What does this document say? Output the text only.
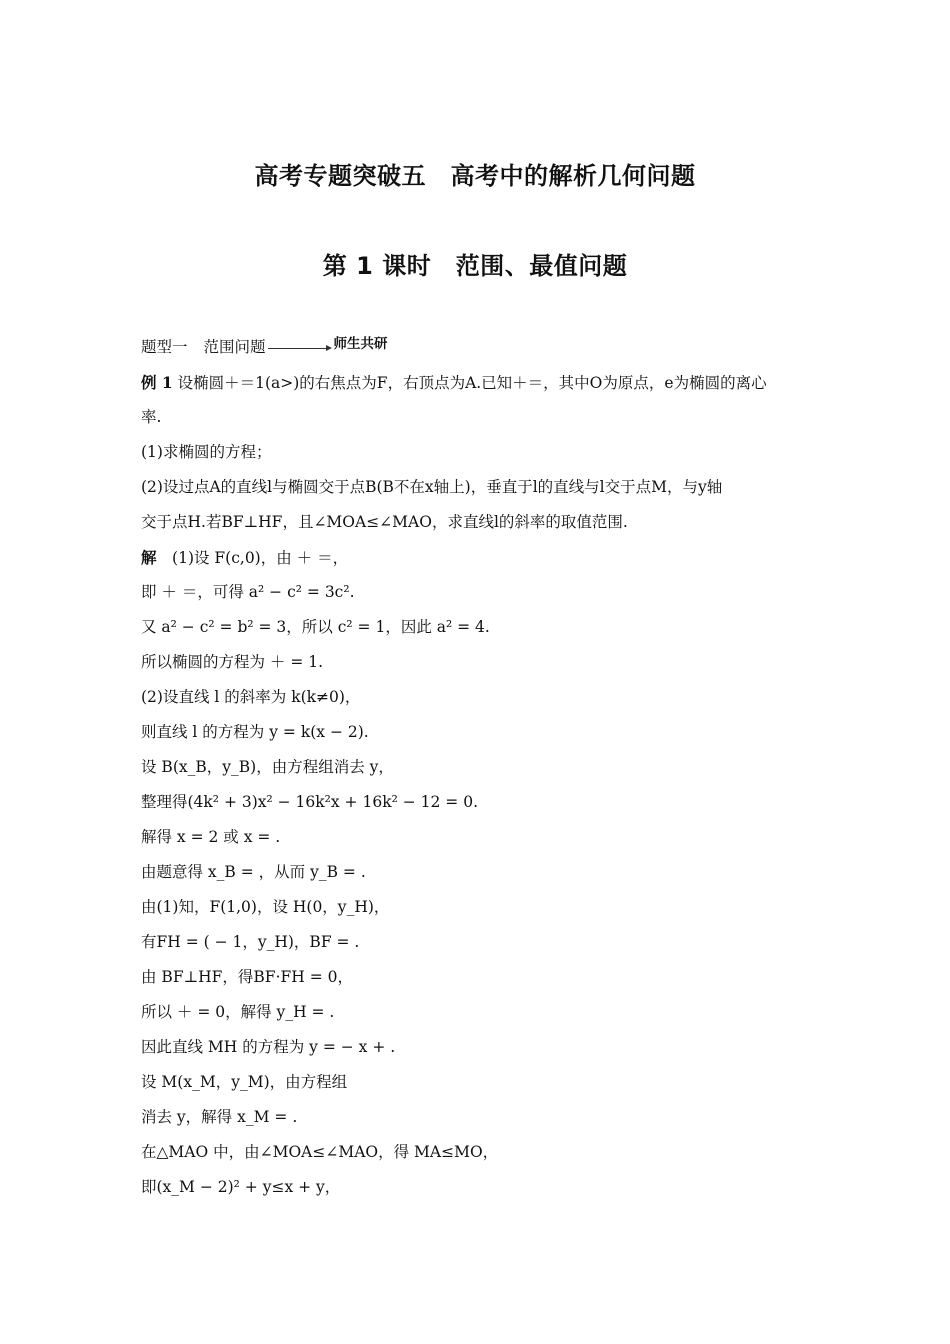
高考专题突破五　高考中的解析几何问题
第 1 课时　范围、最值问题
题型一 范围问题	师生共研
例 1 设椭圆＋＝1(a>)的右焦点为F，右顶点为A.已知＋＝，其中O为原点，e为椭圆的离心
率.
(1)求椭圆的方程；
(2)设过点A的直线l与椭圆交于点B(B不在x轴上)，垂直于l的直线与l交于点M，与y轴
交于点H.若BF⊥HF，且∠MOA≤∠MAO，求直线l的斜率的取值范围.
解　 (1)设 F(c,0)，由 ＋ ＝，
即 ＋ ＝，可得 a² − c² = 3c².
又 a² − c² = b² = 3，所以 c² = 1，因此 a² = 4.
所以椭圆的方程为 ＋ = 1.
(2)设直线 l 的斜率为 k(k≠0)，
则直线 l 的方程为 y = k(x − 2).
设 B(x_B，y_B)，由方程组消去 y，
整理得(4k² + 3)x² − 16k²x + 16k² − 12 = 0.
解得 x = 2 或 x = .
由题意得 x_B = ，从而 y_B = .
由(1)知，F(1,0)，设 H(0，y_H)，
有FH = ( − 1，y_H)，BF = .
由 BF⊥HF，得BF·FH = 0，
所以 ＋ = 0，解得 y_H = .
因此直线 MH 的方程为 y = − x + .
设 M(x_M，y_M)，由方程组
消去 y，解得 x_M = .
在△MAO 中，由∠MOA≤∠MAO，得 MA≤MO，
即(x_M − 2)² + y≤x + y，
